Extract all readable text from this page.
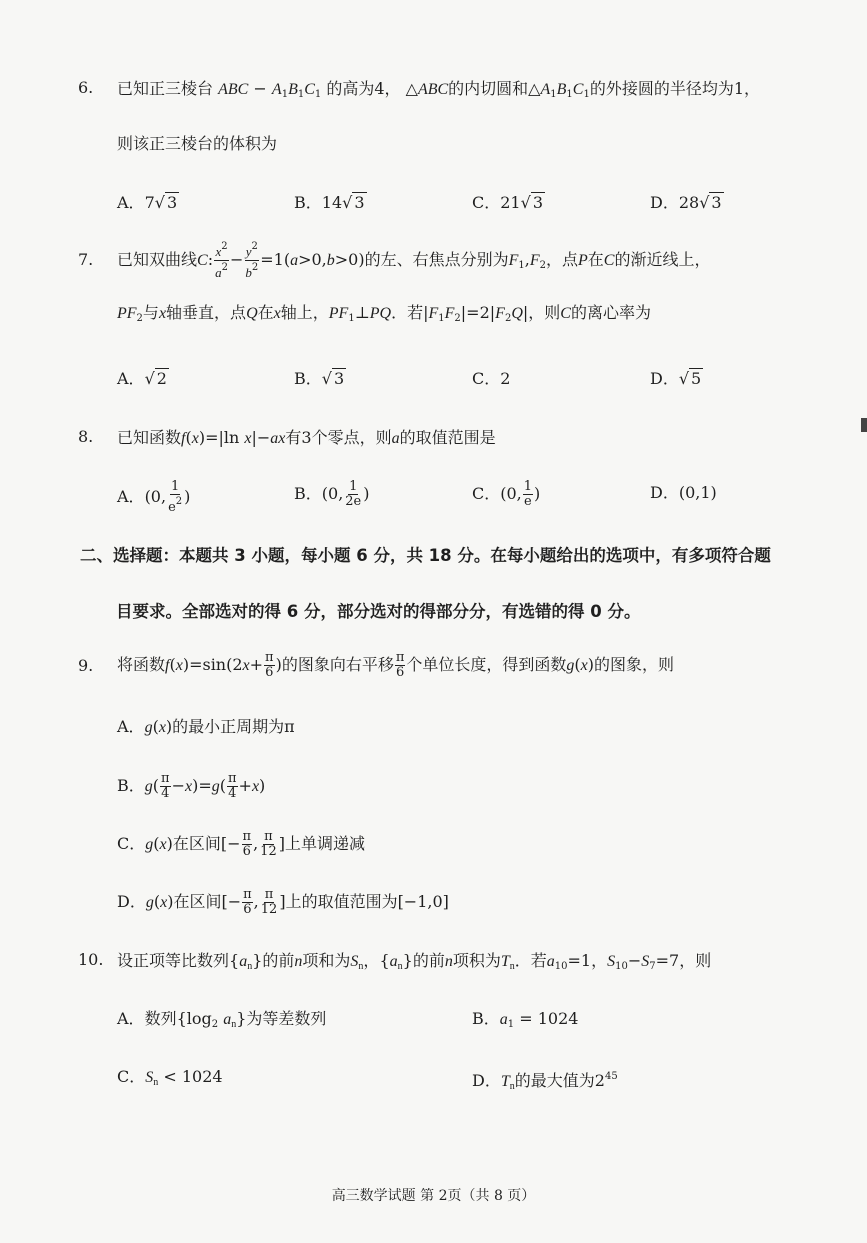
6. 已知正三棱台 ABC − $A_1B_1C_1$ 的高为4， △ABC的内切圆和$\triangle A_1B_1C_1$的外接圆的半径均为1，
则该正三棱台的体积为
A．7√ 3	B．14√ 3	C．21√ 3	D．28√ 3
7. 已知双曲线C: $\frac{x^2}{a^2} - \frac{y^2}{b^2} =1(a>0,b>0)$的左、右焦点分别为$F_1,F_2$，点P在C的渐近线上，
$PF_2$与x轴垂直，点Q在x轴上，$PF_1\perp PQ$．若$|F_1F_2|=2|F_2Q|$，则C的离心率为
A．√ 2	B．√ 3	C．2	D．√ 5
8. 已知函数f(x)=|ln x|−ax有3个零点，则a的取值范围是
A．(0, $\frac{1}{e^2}$ )	B．(0, $\frac{1}{2e}$ )	C．(0, $\frac{1}{e}$ )	D．(0,1)
二、选择题：本题共 3 小题，每小题 6 分，共 18 分。在每小题给出的选项中，有多项符合题
目要求。全部选对的得 6 分，部分选对的得部分分，有选错的得 0 分。
9. 将函数$f(x)=\sin(2x+ \frac{\pi}{6}$ )的图象向右平移 $\frac{\pi}{6}$ 个单位长度，得到函数g(x)的图象，则
A．g(x)的最小正周期为π
B．$g( \frac{\pi}{4} -x)=g( \frac{\pi}{4} +x)$
C．g(x)在区间[− $\frac{\pi}{6}$ , $\frac{\pi}{12}$ ]上单调递减
D．g(x)在区间[− $\frac{\pi}{6}$ , $\frac{\pi}{12}$ ]上的取值范围为[−1,0]
10. 设正项等比数列$\{a_n\}$的前n项和为$S_n$，$\{a_n\}$的前n项积为$T_n$．若$a_{10}=1$，$S_{10}-S_7=7$，则
A．数列{$\log_2$ $a_n$}为等差数列	B．$a_1 = 1024$
C．$S_n < 1024$	D．$T_n$的最大值为$2^{45}$
高三数学试题 第 2页（共 8 页）
